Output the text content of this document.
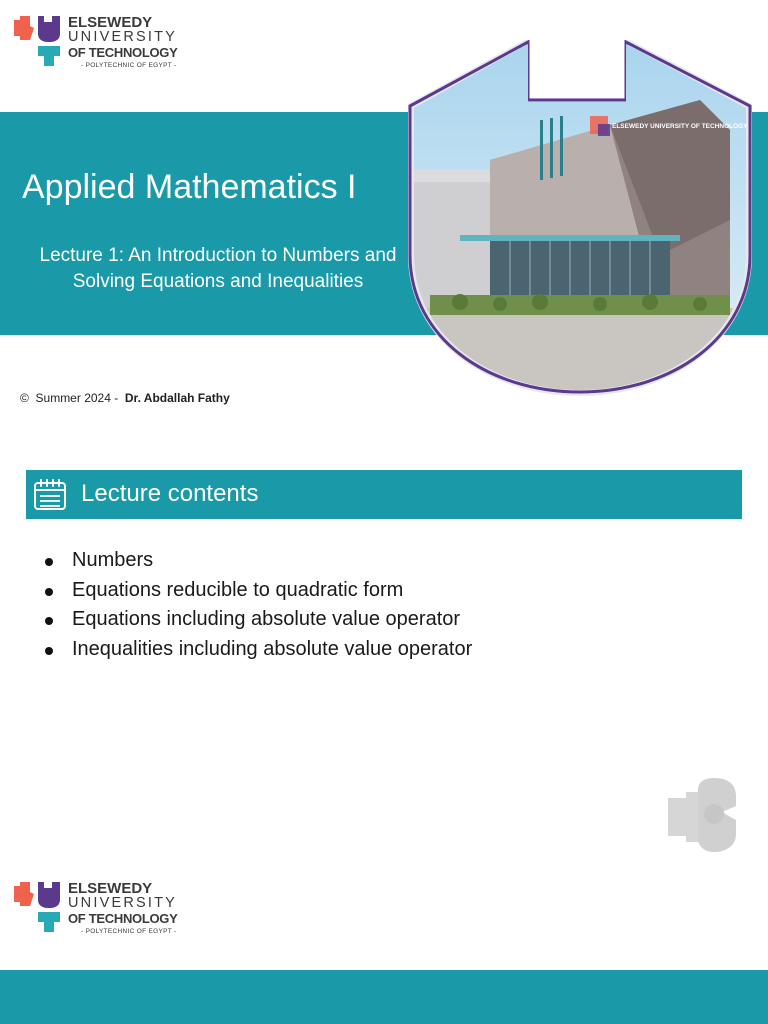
ELSEWEDY
UNIVERSITY
OF TECHNOLOGY
- POLYTECHNIC OF EGYPT -
Applied Mathematics I
Lecture 1: An Introduction to Numbers and Solving Equations and Inequalities
ELSEWEDY UNIVERSITY OF TECHNOLOGY
© Summer 2024 - Dr. Abdallah Fathy
Lecture contents
Numbers
Equations reducible to quadratic form
Equations including absolute value operator
Inequalities including absolute value operator
ELSEWEDY
UNIVERSITY
OF TECHNOLOGY
- POLYTECHNIC OF EGYPT -
